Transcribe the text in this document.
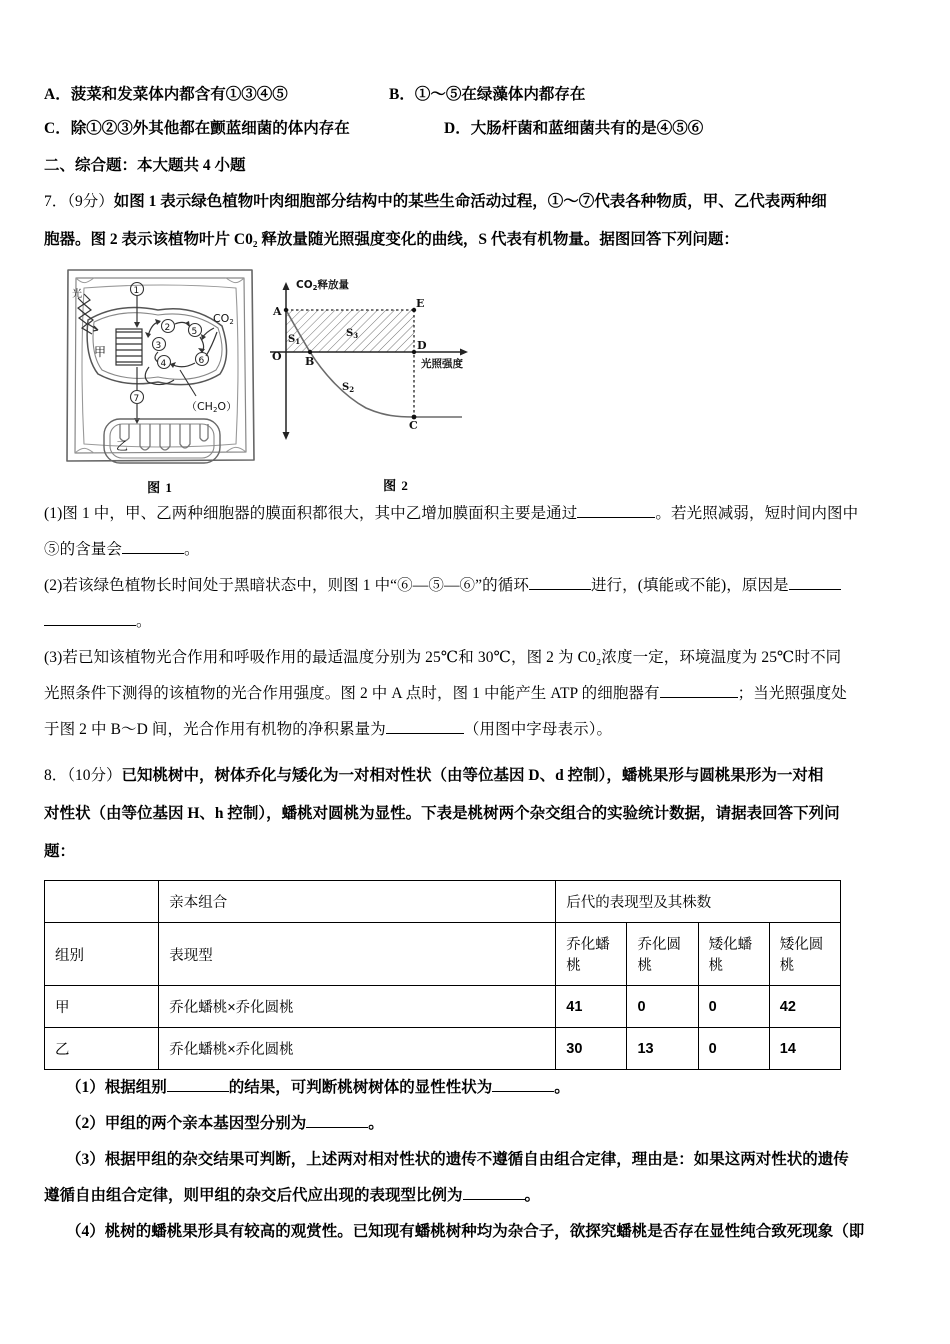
A．菠菜和发菜体内都含有①③④⑤	B．①～⑤在绿藻体内都存在
C．除①②③外其他都在颤蓝细菌的体内存在	D．大肠杆菌和蓝细菌共有的是④⑤⑥
二、综合题：本大题共 4 小题
7．（9分）如图 1 表示绿色植物叶肉细胞部分结构中的某些生命活动过程，①～⑦代表各种物质，甲、乙代表两种细
胞器。图 2 表示该植物叶片 C0₂ 释放量随光照强度变化的曲线，S 代表有机物量。据图回答下列问题：
光
甲
1
7
2
3
4
5
6
CO2
（CH2O）
乙
图 1
CO2释放量
光照强度
A
B
C
D
E
O
$S_1$
$S_2$
$S_3$
图 2
(1)图 1 中，甲、乙两种细胞器的膜面积都很大，其中乙增加膜面积主要是通过	。若光照减弱，短时间内图中
⑤的含量会	。
(2)若该绿色植物长时间处于黑暗状态中，则图 1 中“⑥—⑤—⑥”的循环	进行，(填能或不能)，原因是
。
(3)若已知该植物光合作用和呼吸作用的最适温度分别为 25℃和 30℃，图 2 为 C0₂浓度一定，环境温度为 25℃时不同
光照条件下测得的该植物的光合作用强度。图 2 中 A 点时，图 1 中能产生 ATP 的细胞器有	；当光照强度处
于图 2 中 B～D 间，光合作用有机物的净积累量为	（用图中字母表示）。
8．（10分）已知桃树中，树体乔化与矮化为一对相对性状（由等位基因 D、d 控制），蟠桃果形与圆桃果形为一对相
对性状（由等位基因 H、h 控制），蟠桃对圆桃为显性。下表是桃树两个杂交组合的实验统计数据，请据表回答下列问
题：
	亲本组合	后代的表现型及其株数			
组别	表现型	乔化蟠桃	乔化圆桃	矮化蟠桃	矮化圆桃
甲	乔化蟠桃×乔化圆桃	41	0	0	42
乙	乔化蟠桃×乔化圆桃	30	13	0	14
（1）根据组别	的结果，可判断桃树树体的显性性状为	。
（2）甲组的两个亲本基因型分别为	。
（3）根据甲组的杂交结果可判断，上述两对相对性状的遗传不遵循自由组合定律，理由是：如果这两对性状的遗传
遵循自由组合定律，则甲组的杂交后代应出现的表现型比例为	。
（4）桃树的蟠桃果形具有较高的观赏性。已知现有蟠桃树种均为杂合子，欲探究蟠桃是否存在显性纯合致死现象（即
